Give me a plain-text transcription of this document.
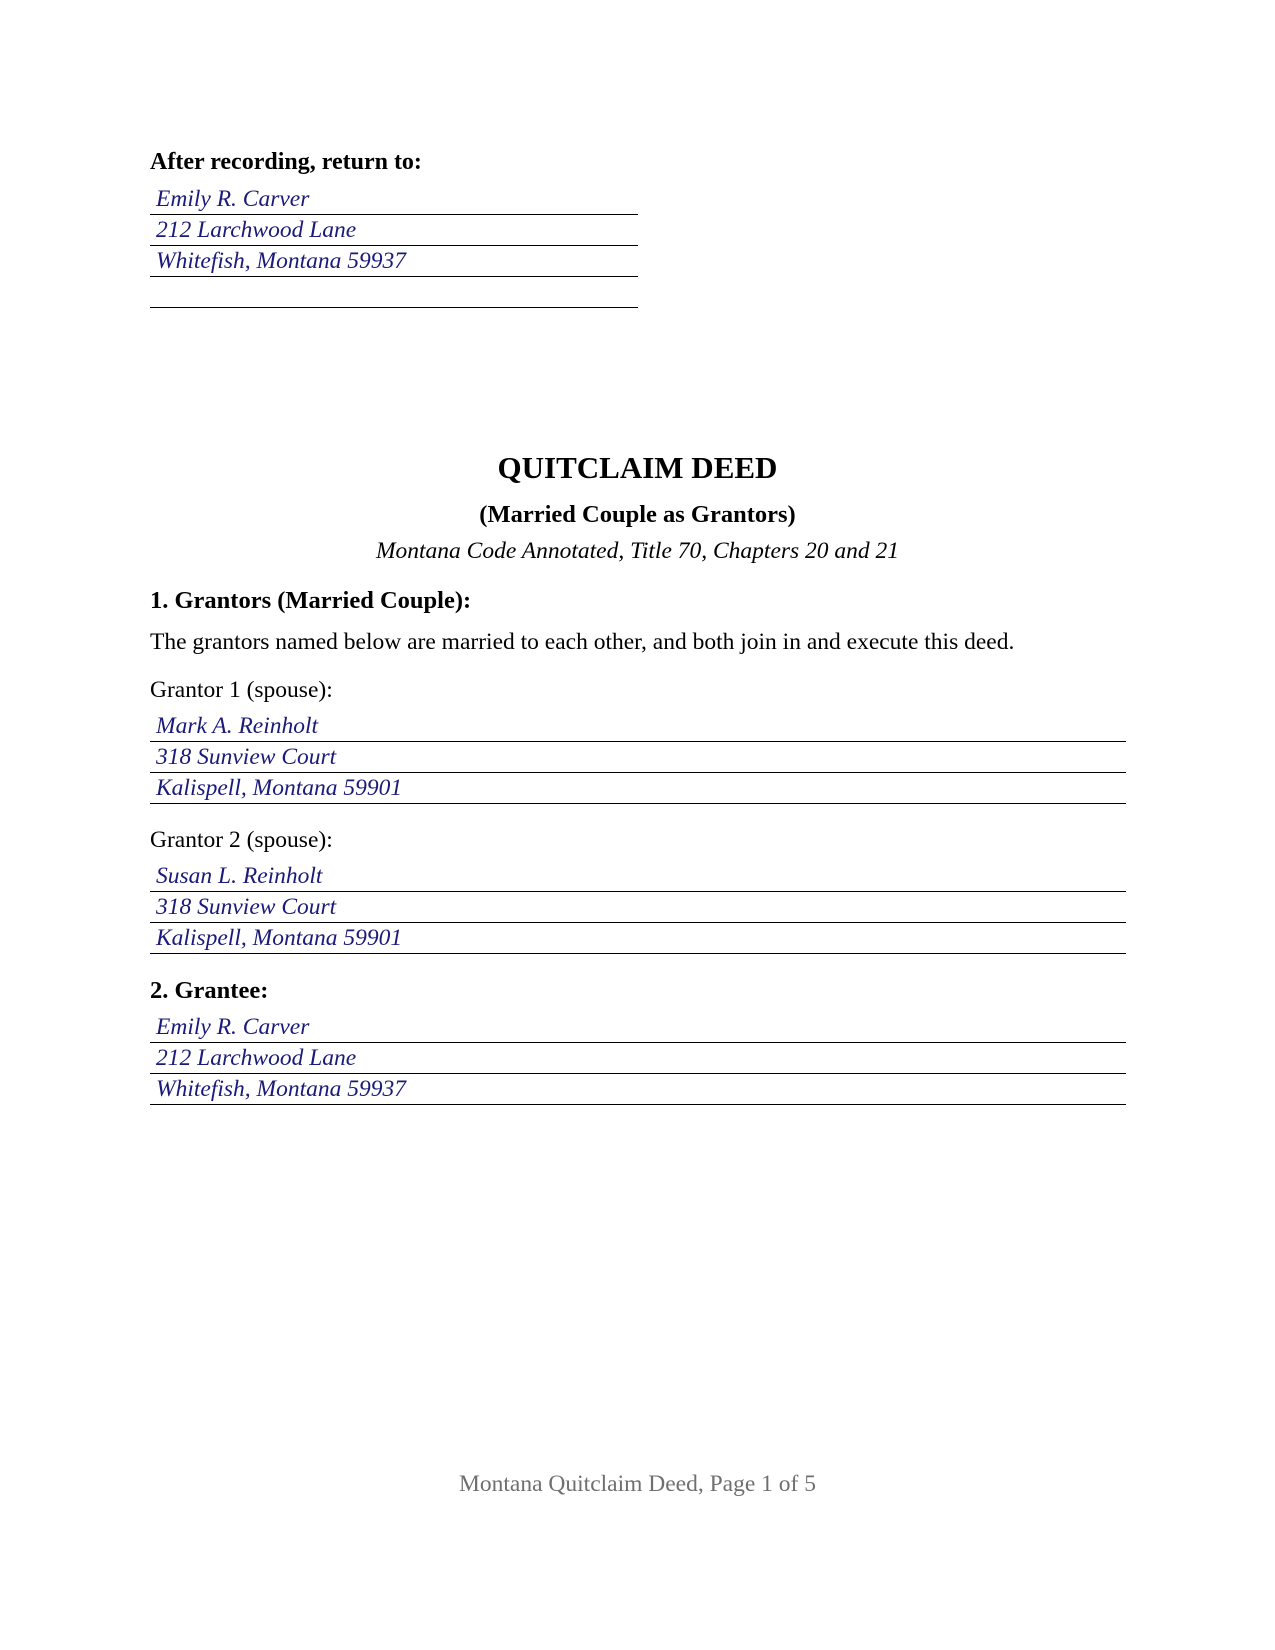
After recording, return to:
Emily R. Carver
212 Larchwood Lane
Whitefish, Montana 59937
QUITCLAIM DEED
(Married Couple as Grantors)
Montana Code Annotated, Title 70, Chapters 20 and 21
1. Grantors (Married Couple):
The grantors named below are married to each other, and both join in and execute this deed.
Grantor 1 (spouse):
Mark A. Reinholt
318 Sunview Court
Kalispell, Montana 59901
Grantor 2 (spouse):
Susan L. Reinholt
318 Sunview Court
Kalispell, Montana 59901
2. Grantee:
Emily R. Carver
212 Larchwood Lane
Whitefish, Montana 59937
Montana Quitclaim Deed, Page 1 of 5
